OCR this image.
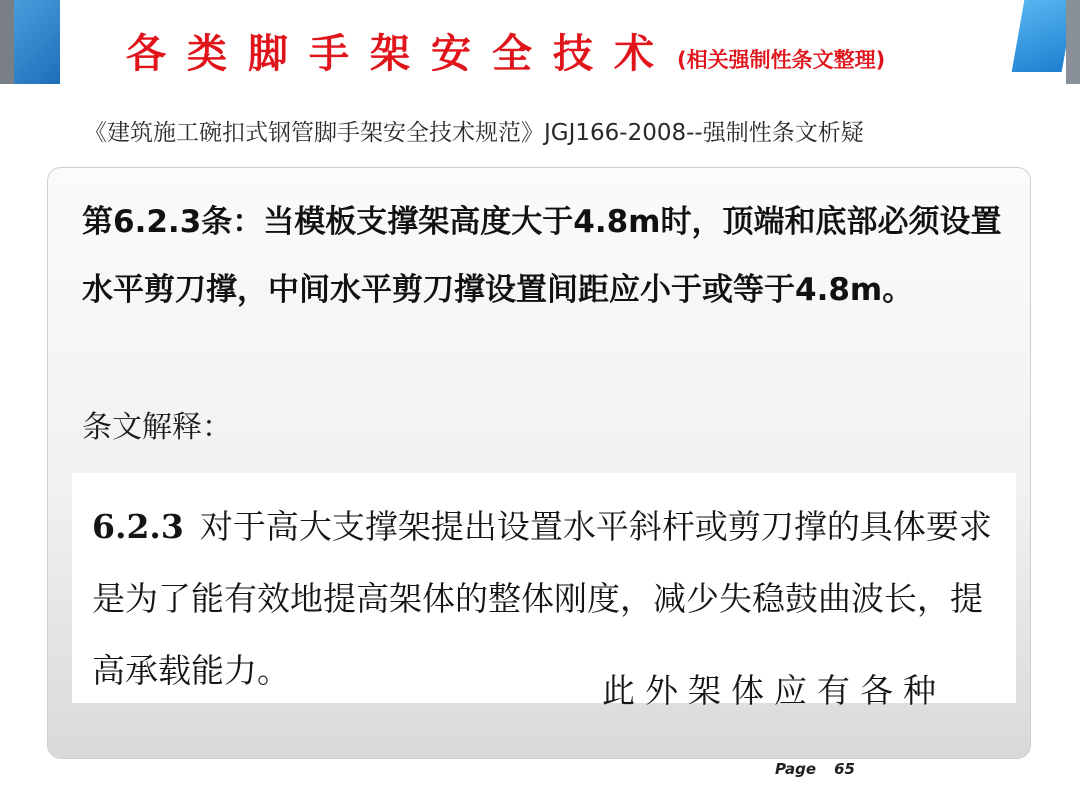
各类脚手架安全技术 (相关强制性条文整理)
《建筑施工碗扣式钢管脚手架安全技术规范》JGJ166-2008--强制性条文析疑
第6.2.3条：当模板支撑架高度大于4.8m时，顶端和底部必须设置水平剪刀撑，中间水平剪刀撑设置间距应小于或等于4.8m。
条文解释：
6.2.3 对于高大支撑架提出设置水平斜杆或剪刀撑的具体要求是为了能有效地提高架体的整体刚度，减少失稳鼓曲波长，提高承载能力。
此外架体应有各种
Page 65
